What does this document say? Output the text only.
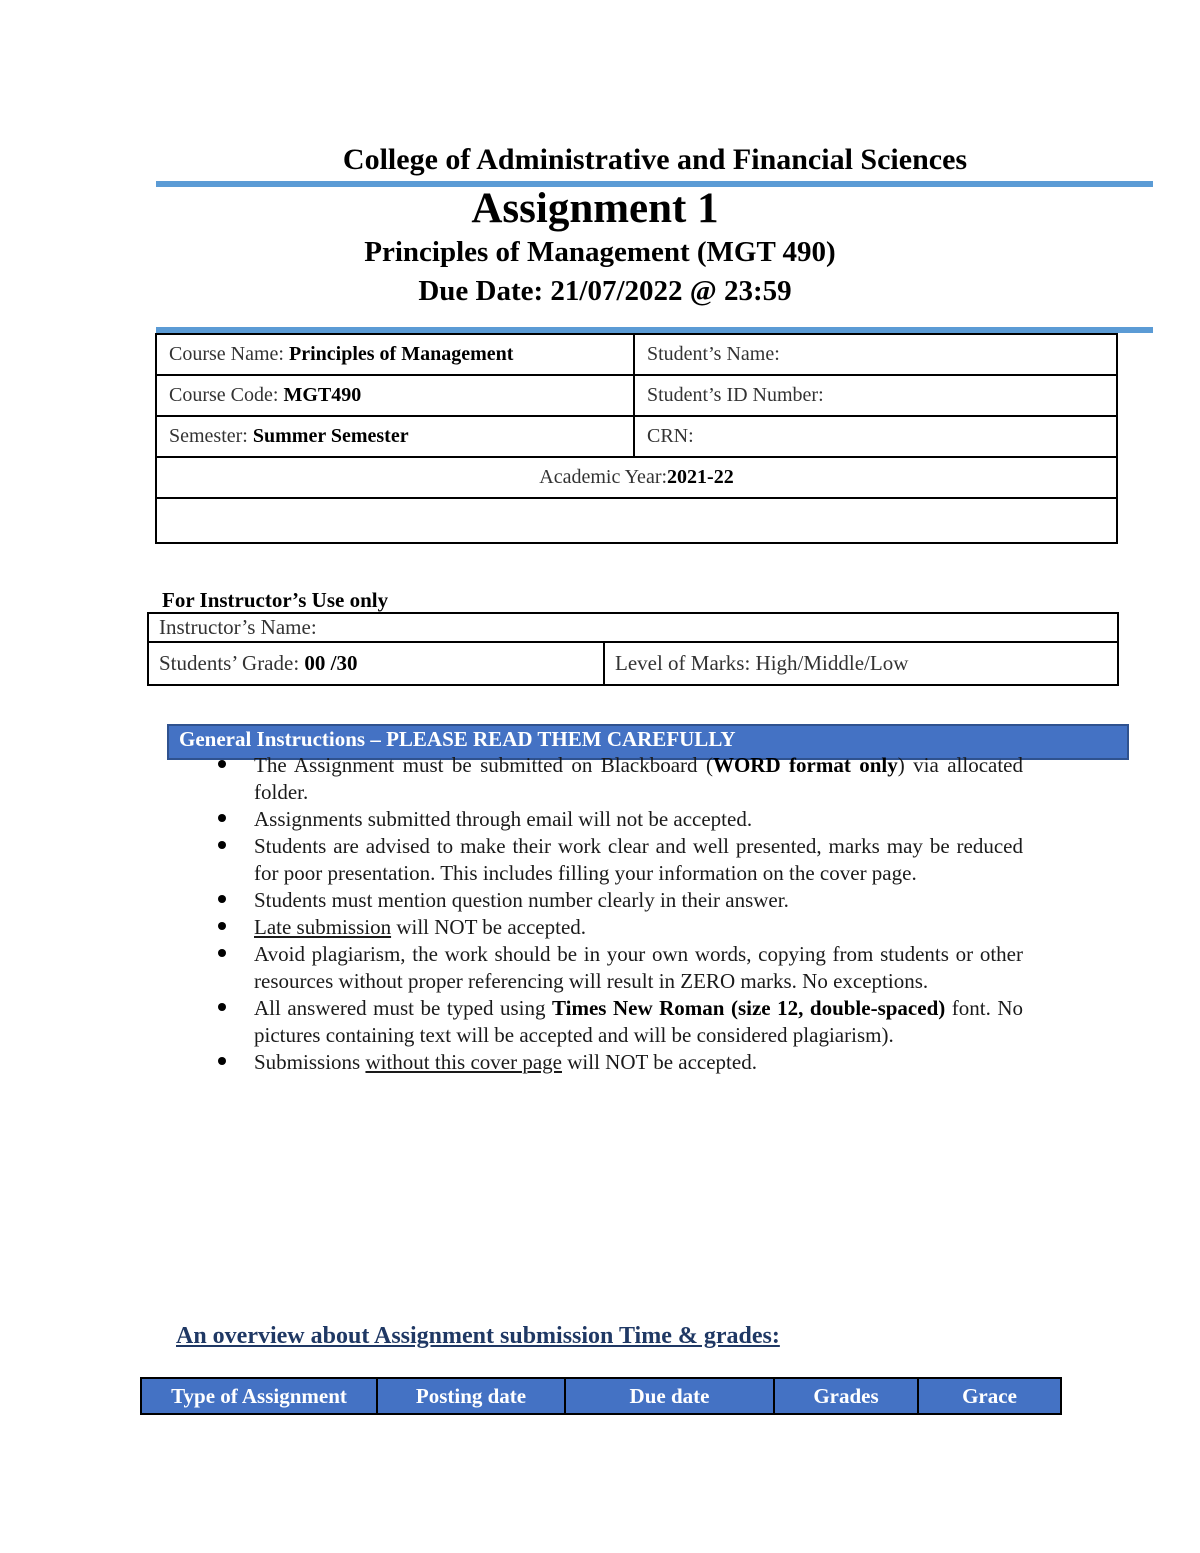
College of Administrative and Financial Sciences
Assignment 1
Principles of Management (MGT 490)
Due Date: 21/07/2022 @ 23:59
Course Name: Principles of Management	Student’s Name:
Course Code: MGT490	Student’s ID Number:
Semester: Summer Semester	CRN:
Academic Year:2021-22	

For Instructor’s Use only
Instructor’s Name:
Students’ Grade: 00 /30	Level of Marks: High/Middle/Low
General Instructions – PLEASE READ THEM CAREFULLY
The Assignment must be submitted on Blackboard (WORD format only) via allocated folder.
Assignments submitted through email will not be accepted.
Students are advised to make their work clear and well presented, marks may be reduced for poor presentation. This includes filling your information on the cover page.
Students must mention question number clearly in their answer.
Late submission will NOT be accepted.
Avoid plagiarism, the work should be in your own words, copying from students or other resources without proper referencing will result in ZERO marks. No exceptions.
All answered must be typed using Times New Roman (size 12, double-spaced) font. No pictures containing text will be accepted and will be considered plagiarism).
Submissions without this cover page will NOT be accepted.
An overview about Assignment submission Time & grades:
Type of Assignment	Posting date	Due date	Grades	Grace
